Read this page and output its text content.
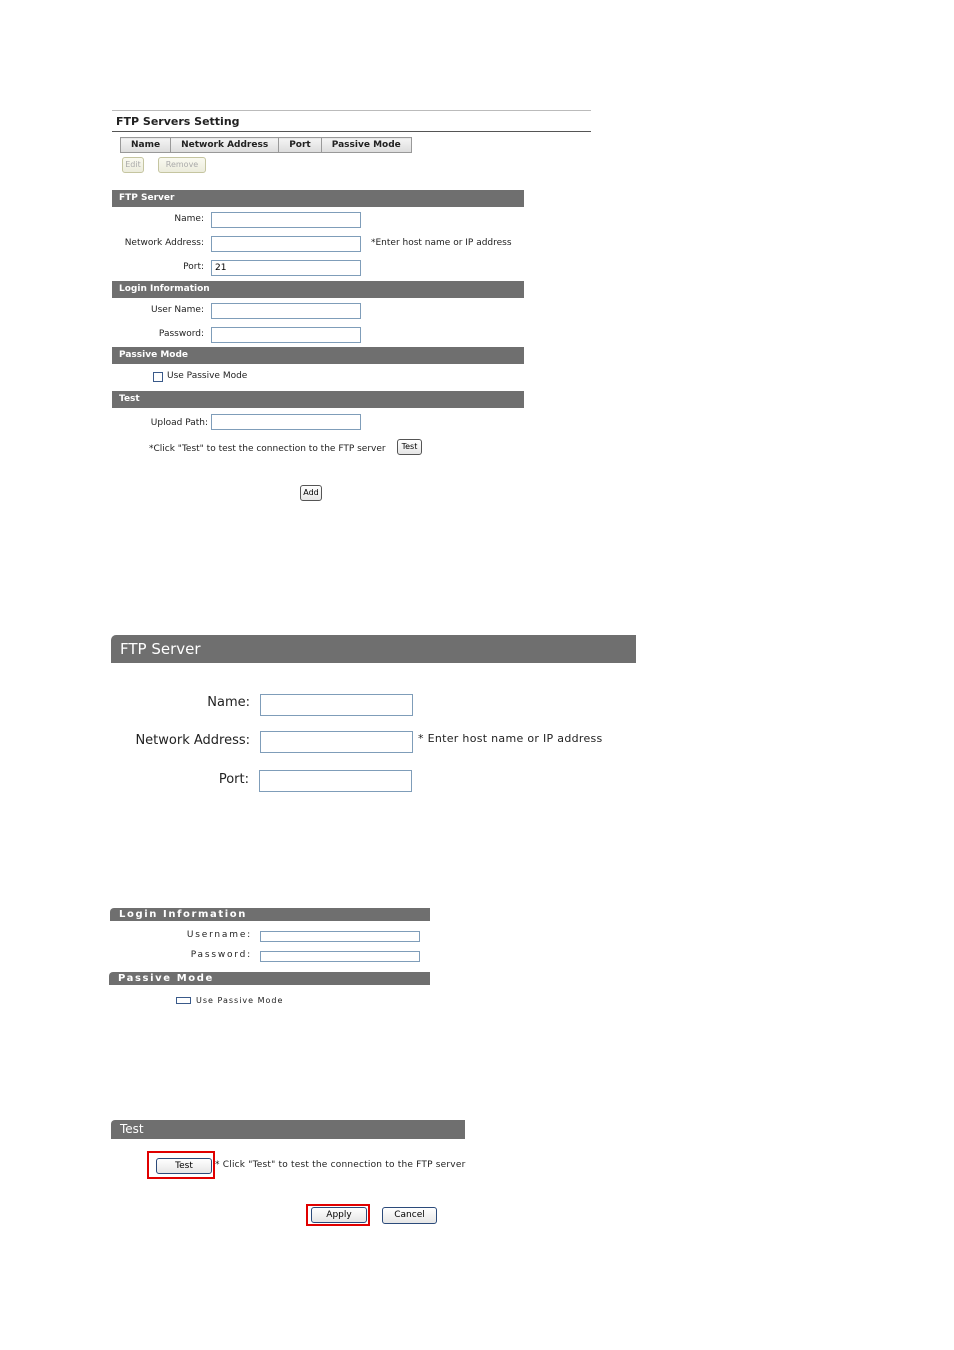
FTP Servers Setting
Name	Network Address	Port	Passive Mode
Edit	Remove
FTP Server
Name:
Network Address:	*Enter host name or IP address
Port:
21
Login Information
User Name:
Password:
Passive Mode
Use Passive Mode
Test
Upload Path:
*Click "Test" to test the connection to the FTP server	Test
Add
FTP Server
Name:
Network Address:	* Enter host name or IP address
Port:
Login Information
Username:
Password:
Passive Mode
Use Passive Mode
Test
Test	* Click "Test" to test the connection to the FTP server
Apply	Cancel
